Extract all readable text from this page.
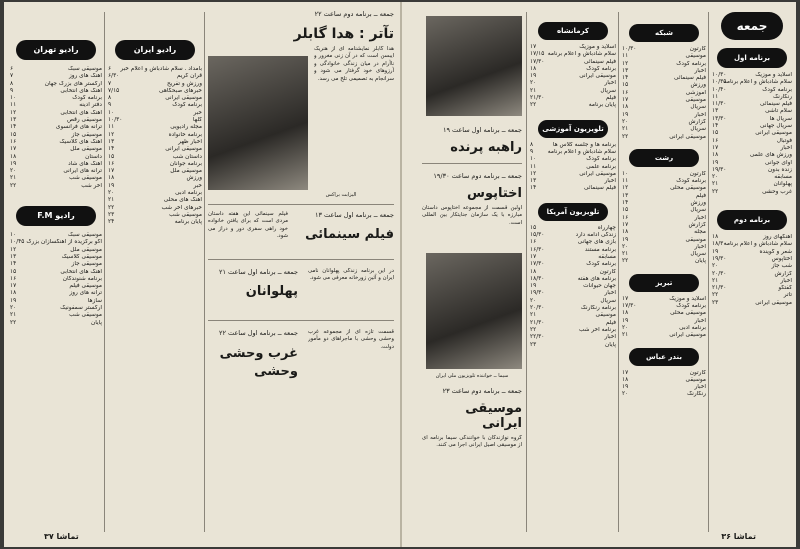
رادیو تهران
۶	موسیقی سبک
۷	آهنگ های روز
۸	ارکستر های بزرگ جهان
۹	آهنگ های انتخابی
۱۰	برنامه کودک
۱۱	دفتر آدینه
۱۲	آهنگ های انتخابی
۱۳	موسیقی رقص
۱۴	ترانه های فرانسوی
۱۵	موسیقی جاز
۱۶	آهنگ های کلاسیک
۱۷	موسیقی ملل
۱۸	داستان
۱۹	آهنگ های شاد
۲۰	ترانه های ایرانی
۲۱	موسیقی شب
۲۲	آخر شب
رادیو F.M
۱۰	موسیقی سبک
۱۰/۴۵ اکو برگزیده از آهنگسازان بزرگ
۱۲	موسیقی ملل
۱۳	موسیقی کلاسیک
۱۴	موسیقی جاز
۱۵	آهنگ های انتخابی
۱۶	برنامه شنوندگان
۱۷	موسیقی فیلم
۱۸	ترانه های روز
۱۹	سازها
۲۰	ارکستر سمفونیک
۲۱	موسیقی شب
۲۲	پایان
رادیو ایران
۶	بامداد . سلام شادباش و اعلام خبر
۶/۳۰	قرآن کریم
۷	ورزش و تفریح
۷/۱۵	خبرهای صبحگاهی
۸	موسیقی ایرانی
۹	برنامه کودک
۱۰	خبر
۱۰/۳۰	گلها
۱۱	مجله رادیویی
۱۲	برنامه خانواده
۱۳	اخبار ظهر
۱۴	موسیقی ایرانی
۱۵	داستان شب
۱۶	برنامه جوانان
۱۷	موسیقی ملل
۱۸	ورزش
۱۹	خبر
۲۰	برنامه ادبی
۲۱	آهنگ های محلی
۲۲	خبرهای آخر شب
۲۳	موسیقی شب
۲۴	پایان برنامه
جمعه ــ برنامه دوم ساعت ۲۲
تآتر : هدا گابلر
هدا گابلر نمایشنامه ای از هنریک ایبسن است که در آن زنی مغرور و ناآرام در میان زندگی خانوادگی و آرزوهای خود گرفتار می شود و سرانجام به تصمیمی تلخ می رسد.
الیزابت براکس
فیلم سینمائی این هفته داستان مردی است که برای یافتن خانواده خود راهی سفری دور و دراز می شود.
جمعه ــ برنامه اول ساعت ۱۳
فیلم سینمائی
در این برنامه زندگی پهلوانان نامی ایران و آئین زورخانه معرفی می شود.
جمعه ــ برنامه اول ساعت ۲۱
پهلوانان
قسمت تازه ای از مجموعه غرب وحشی وحشی با ماجراهای دو مأمور دولت.
جمعه ــ برنامه اول ساعت ۲۲
غرب وحشی وحشی
تماشا ۳۷
جمعه ــ برنامه اول ساعت ۱۹
راهبه پرنده
جمعه ــ برنامه دوم ساعت ۱۹/۳۰
اختاپوس
اولین قسمت از مجموعه اختاپوس داستان مبارزه با یک سازمان جنایتکار بین المللی است.
سیما ــ خواننده تلویزیون ملی ایران
جمعه ــ برنامه دوم ساعت ۲۳
موسیقی ایرانی
گروه نوازندگان با خوانندگی سیما برنامه ای از موسیقی اصیل ایرانی اجرا می کنند.
کرمانشاه
۱۷	اسلاید و موزیک
۱۷/۱۵ سلام شادباش و اعلام برنامه
۱۷/۳۰	فیلم سینمائی
۱۸	برنامه کودک
۱۹	موسیقی ایرانی
۲۰	اخبار
۲۱	سریال
۲۱/۳۰	فیلم
۲۲	پایان برنامه
تلویزیون آموزشی
۸	برنامه ها و جلسه کلاس ها
۹	سلام شادباش و اعلام برنامه
۱۰	برنامه کودک
۱۱	برنامه علمی
۱۲	موسیقی ایرانی
۱۳	اخبار
۱۴	فیلم سینمائی
تلویزیون آمریکا
۱۵	چهارراه
۱۵/۳۰	زندگی ادامه دارد
۱۶	بازی های جهانی
۱۶/۳۰	برنامه مستند
۱۷	مسابقه
۱۷/۳۰	برنامه کودک
۱۸	کارتون
۱۸/۳۰	برنامه های هفته
۱۹	جهان حیوانات
۱۹/۳۰	اخبار
۲۰	سریال
۲۰/۳۰	برنامه رنگارنگ
۲۱	موسیقی
۲۱/۳۰	فیلم
۲۲	برنامه آخر شب
۲۲/۳۰	اخبار
۲۳	پایان
شبکه
۱۰/۳۰	کارتون
۱۱	موسیقی
۱۲	برنامه کودک
۱۳	اخبار
۱۴	فیلم سینمائی
۱۵	ورزش
۱۶	آموزشی
۱۷	موسیقی
۱۸	سریال
۱۹	اخبار
۲۰	گزارش
۲۱	سریال
۲۲	موسیقی ایرانی
رشت
۱۰	کارتون
۱۱	برنامه کودک
۱۲	موسیقی محلی
۱۳	فیلم
۱۴	ورزش
۱۵	سریال
۱۶	اخبار
۱۷	گزارش
۱۸	مجله
۱۹	موسیقی
۲۰	اخبار
۲۱	سریال
۲۲	پایان
تبریز
۱۷	اسلاید و موزیک
۱۷/۳۰	برنامه کودک
۱۸	موسیقی محلی
۱۹	اخبار
۲۰	برنامه ادبی
۲۱	موسیقی ایرانی
بندر عباس
۱۷	کارتون
۱۸	موسیقی
۱۹	اخبار
۲۰	رنگارنگ
جمعه
برنامه اول
۱۰/۳۰	اسلاید و موزیک
۱۰/۳۵
سلام شادباش و اعلام برنامه
۱۰/۴۰	برنامه کودک
۱۱	رنگارنگ
۱۱/۳۰	فیلم سینمائی
۱۳	سلام تاشی
۱۳/۳۰	سریال ها
۱۴	سریال جهانی
۱۵	موسیقی ایرانی
۱۶	فوتبال
۱۷	اخبار
۱۸	ورزش های علمی
۱۹	آوای جوانی
۱۹/۳۰	زنده بدون
۲۰	مسابقه
۲۱	پهلوانان
۲۲	غرب وحشی
برنامه دوم
۱۸	آهنگهای روز
۱۸/۳۰
سلام شادباش و اعلام برنامه
۱۹	شعر و گوینده
۱۹/۳۰	اختاپوس
۲۰	شب جاز
۲۰/۳۰	گزارش
۲۱	اخبار
۲۱/۳۰	گفتگو
۲۲	تآتر
۲۳	موسیقی ایرانی
تماشا ۳۶
